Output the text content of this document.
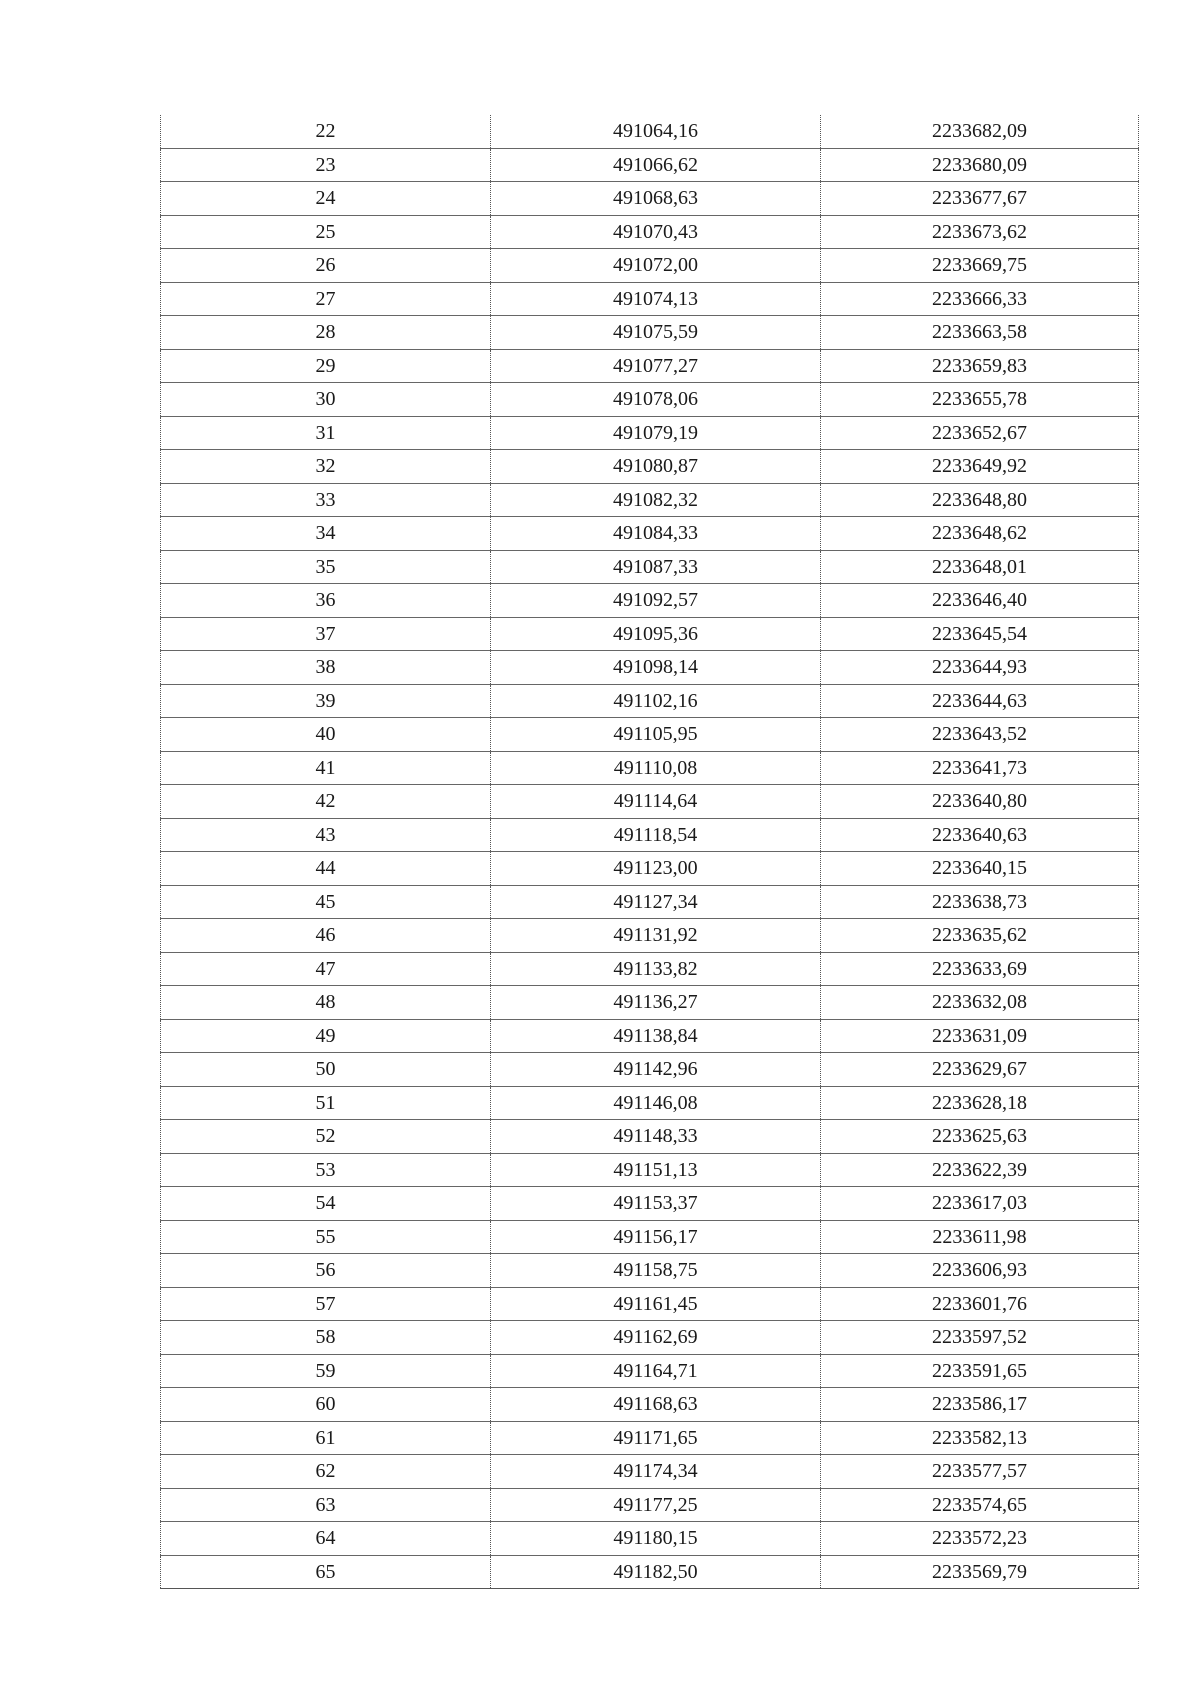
22	491064,16	2233682,09
23	491066,62	2233680,09
24	491068,63	2233677,67
25	491070,43	2233673,62
26	491072,00	2233669,75
27	491074,13	2233666,33
28	491075,59	2233663,58
29	491077,27	2233659,83
30	491078,06	2233655,78
31	491079,19	2233652,67
32	491080,87	2233649,92
33	491082,32	2233648,80
34	491084,33	2233648,62
35	491087,33	2233648,01
36	491092,57	2233646,40
37	491095,36	2233645,54
38	491098,14	2233644,93
39	491102,16	2233644,63
40	491105,95	2233643,52
41	491110,08	2233641,73
42	491114,64	2233640,80
43	491118,54	2233640,63
44	491123,00	2233640,15
45	491127,34	2233638,73
46	491131,92	2233635,62
47	491133,82	2233633,69
48	491136,27	2233632,08
49	491138,84	2233631,09
50	491142,96	2233629,67
51	491146,08	2233628,18
52	491148,33	2233625,63
53	491151,13	2233622,39
54	491153,37	2233617,03
55	491156,17	2233611,98
56	491158,75	2233606,93
57	491161,45	2233601,76
58	491162,69	2233597,52
59	491164,71	2233591,65
60	491168,63	2233586,17
61	491171,65	2233582,13
62	491174,34	2233577,57
63	491177,25	2233574,65
64	491180,15	2233572,23
65	491182,50	2233569,79
